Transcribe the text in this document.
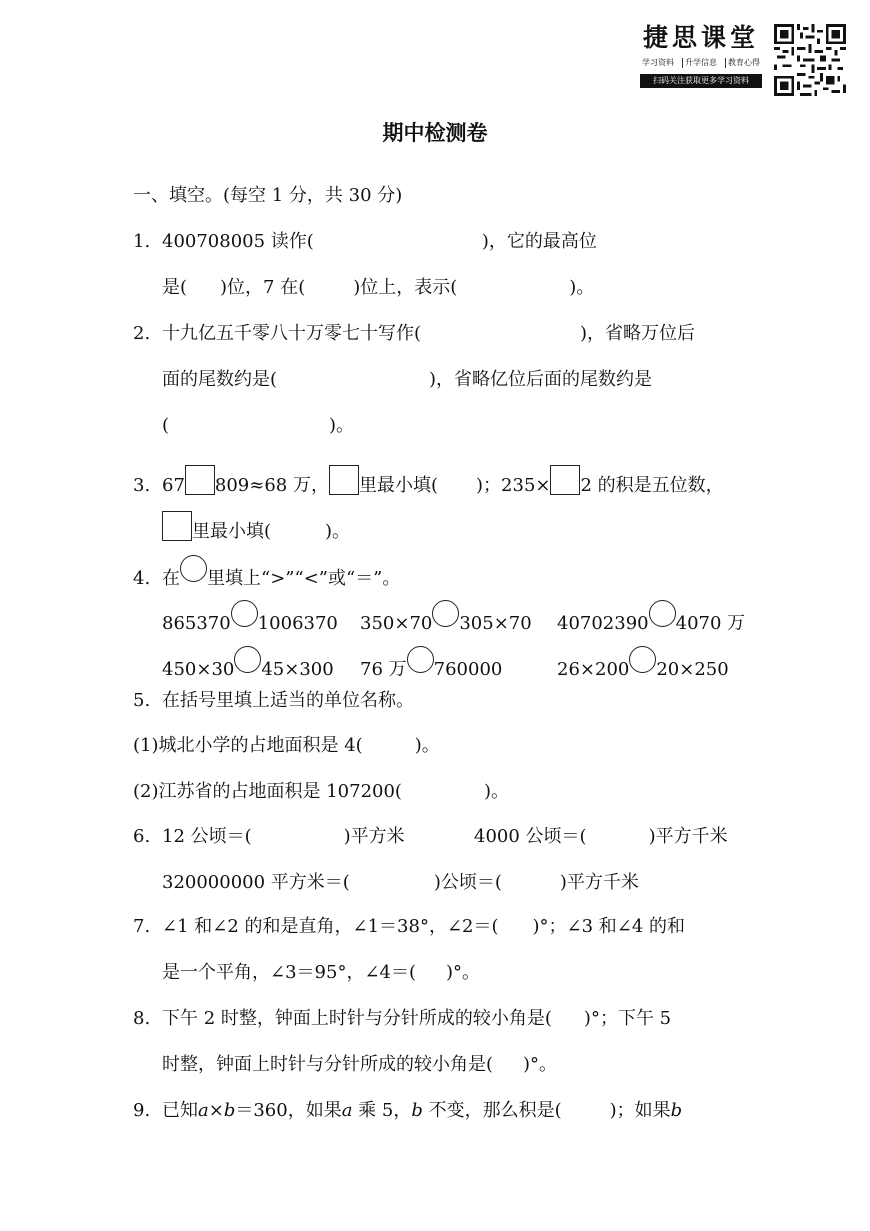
捷思课堂
学习资料	升学信息	教育心得
扫码关注获取更多学习资料
期中检测卷
一、填空。(每空 1 分，共 30 分)
1. 400708005 读作(	)，它的最高位
是( )位，7 在(	)位上，表示(	)。
2. 十九亿五千零八十万零七十写作(	)，省略万位后
面的尾数约是(	)，省略亿位后面的尾数约是
(	)。
3. 67 809≈68 万， 里最小填( )；235× 2 的积是五位数，
里最小填(	)。
4. 在 里填上“>”“<”或“＝”。
865370 1006370 350×70 305×70 40702390 4070 万
450×30 45×300 76 万 760000	26×200 20×250
5. 在括号里填上适当的单位名称。
(1)城北小学的占地面积是 4(	)。
(2)江苏省的占地面积是 107200(	)。
6. 12 公顷＝(	)平方米	4000 公顷＝(	)平方千米
320000000 平方米＝(	)公顷＝(	)平方千米
7. ∠1 和∠2 的和是直角，∠1＝38°，∠2＝( )°；∠3 和∠4 的和
是一个平角，∠3＝95°，∠4＝( )°。
8. 下午 2 时整，钟面上时针与分针所成的较小角是( )°；下午 5
时整，钟面上时针与分针所成的较小角是( )°。
9. 已知a×b＝360，如果a 乘 5，b 不变，那么积是(	)；如果b
